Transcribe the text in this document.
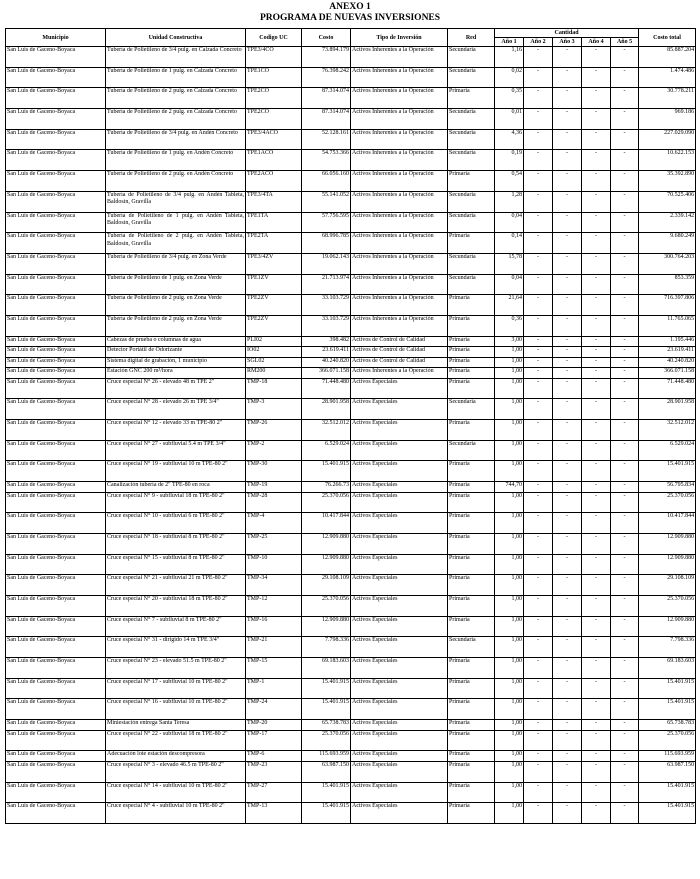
ANEXO 1
PROGRAMA DE NUEVAS INVERSIONES
Municipio	Unidad Constructiva	Codigo UC	Costo	Tipo de Inversión	Red	Cantidad					Costo total
						Año 1	Año 2	Año 3	Año 4	Año 5	
San Luis de Gaceno-Boyaca	Tubería de Polietileno de 3/4 pulg. en Calzada Concreto	TPE3/4CO	73.894.179	Activos Inherentes a la Operación	Secundaria	1,16	-	-	-	-	85.887.204
San Luis de Gaceno-Boyaca	Tubería de Polietileno de 1 pulg. en Calzada Concreto	TPE1CO	76.398.242	Activos Inherentes a la Operación	Secundaria	0,02	-	-	-	-	1.474.486
San Luis de Gaceno-Boyaca	Tubería de Polietileno de 2 pulg. en Calzada Concreto	TPE2CO	87.314.074	Activos Inherentes a la Operación	Primaria	0,35	-	-	-	-	30.778.211
San Luis de Gaceno-Boyaca	Tubería de Polietileno de 2 pulg. en Calzada Concreto	TPE2CO	87.314.074	Activos Inherentes a la Operación	Secundaria	0,01	-	-	-	-	969.186
San Luis de Gaceno-Boyaca	Tubería de Polietileno de 3/4 pulg. en Andén Concreto	TPE3/4ACO	52.128.161	Activos Inherentes a la Operación	Secundaria	4,36	-	-	-	-	227.029.090
San Luis de Gaceno-Boyaca	Tubería de Polietileno de 1 pulg. en Andén Concreto	TPE1ACO	54.753.366	Activos Inherentes a la Operación	Secundaria	0,19	-	-	-	-	10.622.153
San Luis de Gaceno-Boyaca	Tubería de Polietileno de 2 pulg. en Andén Concreto	TPE2ACO	66.056.160	Activos Inherentes a la Operación	Primaria	0,54	-	-	-	-	35.392.890
San Luis de Gaceno-Boyaca	Tubería de Polietileno de 3/4 pulg. en Andén Tableta, Baldosin, Gravilla	TPE3/4TA	55.141.052	Activos Inherentes a la Operación	Secundaria	1,28	-	-	-	-	70.525.406
San Luis de Gaceno-Boyaca	Tubería de Polietileno de 1 pulg. en Andén Tableta, Baldosin, Gravilla	TPE1TA	57.756.595	Activos Inherentes a la Operación	Secundaria	0,04	-	-	-	-	2.339.142
San Luis de Gaceno-Boyaca	Tubería de Polietileno de 2 pulg. en Andén Tableta, Baldosin, Gravilla	TPE2TA	68.996.785	Activos Inherentes a la Operación	Primaria	0,14	-	-	-	-	9.680.249
San Luis de Gaceno-Boyaca	Tubería de Polietileno de 3/4 pulg. en Zona Verde	TPE3/4ZV	19.062.143	Activos Inherentes a la Operación	Secundaria	15,78	-	-	-	-	300.764.203
San Luis de Gaceno-Boyaca	Tubería de Polietileno de 1 pulg. en Zona Verde	TPE1ZV	21.713.974	Activos Inherentes a la Operación	Secundaria	0,04	-	-	-	-	853.359
San Luis de Gaceno-Boyaca	Tubería de Polietileno de 2 pulg. en Zona Verde	TPE2ZV	33.103.729	Activos Inherentes a la Operación	Primaria	21,64	-	-	-	-	716.397.806
San Luis de Gaceno-Boyaca	Tubería de Polietileno de 2 pulg. en Zona Verde	TPE2ZV	33.103.729	Activos Inherentes a la Operación	Primaria	0,36	-	-	-	-	11.765.065
San Luis de Gaceno-Boyaca	Cabezas de prueba o columnas de agua	PLI02	398.482	Activos de Control de Calidad	Primaria	3,00	-	-	-	-	1.195.446
San Luis de Gaceno-Boyaca	Detector Portátil de Odorizante	IO02	23.619.411	Activos de Control de Calidad	Primaria	1,00	-	-	-	-	23.619.411
San Luis de Gaceno-Boyaca	Sistema digital de grabación, 1 municipio	SGL02	40.240.820	Activos de Control de Calidad	Primaria	1,00	-	-	-	-	40.240.820
San Luis de Gaceno-Boyaca	Estación GNC 200 m³/hora	RM200	366.071.158	Activos Inherentes a la Operación	Primaria	1,00	-	-	-	-	366.071.158
San Luis de Gaceno-Boyaca	Cruce especial N° 26 - elevado 48 m TPE 2"	TMP-18	71.448.480	Activos Especiales	Primaria	1,00	-	-	-	-	71.448.480
San Luis de Gaceno-Boyaca	Cruce especial N° 28 - elevado 26 m TPE 3/4"	TMP-3	28.901.958	Activos Especiales	Secundaria	1,00	-	-	-	-	28.901.958
San Luis de Gaceno-Boyaca	Cruce especial N° 12 - elevado 33 m TPE-80 2"	TMP-26	32.512.012	Activos Especiales	Primaria	1,00	-	-	-	-	32.512.012
San Luis de Gaceno-Boyaca	Cruce especial N° 27 - subfluvial 5.4 m TPE 3/4"	TMP-2	6.529.024	Activos Especiales	Secundaria	1,00	-	-	-	-	6.529.024
San Luis de Gaceno-Boyaca	Cruce especial N° 19 - subfluvial 10 m TPE-80 2"	TMP-30	15.401.915	Activos Especiales	Primaria	1,00	-	-	-	-	15.401.915
San Luis de Gaceno-Boyaca	Canalización tubería de 2" TPE-80 en roca	TMP-19	76.266.73	Activos Especiales	Primaria	744,70	-	-	-	-	56.795.834
San Luis de Gaceno-Boyaca	Cruce especial N° 9 - subfluvial 18 m TPE-80 2"	TMP-28	25.370.056	Activos Especiales	Primaria	1,00	-	-	-	-	25.370.056
San Luis de Gaceno-Boyaca	Cruce especial N° 10 - subfluvial 6 m TPE-80 2"	TMP-4	10.417.844	Activos Especiales	Primaria	1,00	-	-	-	-	10.417.844
San Luis de Gaceno-Boyaca	Cruce especial N° 18 - subfluvial 8 m TPE-80 2"	TMP-25	12.909.880	Activos Especiales	Primaria	1,00	-	-	-	-	12.909.880
San Luis de Gaceno-Boyaca	Cruce especial N° 15 - subfluvial 8 m TPE-80 2"	TMP-10	12.909.880	Activos Especiales	Primaria	1,00	-	-	-	-	12.909.880
San Luis de Gaceno-Boyaca	Cruce especial N° 21 - subfluvial 21 m TPE-80 2"	TMP-34	29.108.109	Activos Especiales	Primaria	1,00	-	-	-	-	29.108.109
San Luis de Gaceno-Boyaca	Cruce especial N° 20 - subfluvial 18 m TPE-80 2"	TMP-12	25.370.056	Activos Especiales	Primaria	1,00	-	-	-	-	25.370.056
San Luis de Gaceno-Boyaca	Cruce especial N° 7 - subfluvial 8 m TPE-80 2"	TMP-16	12.909.880	Activos Especiales	Primaria	1,00	-	-	-	-	12.909.880
San Luis de Gaceno-Boyaca	Cruce especial N° 31 - dirigido 14 m TPE 3/4"	TMP-21	7.798.336	Activos Especiales	Secundaria	1,00	-	-	-	-	7.798.336
San Luis de Gaceno-Boyaca	Cruce especial N° 23 - elevado 51.5 m TPE-80 2"	TMP-15	69.183.603	Activos Especiales	Primaria	1,00	-	-	-	-	69.183.603
San Luis de Gaceno-Boyaca	Cruce especial N° 17 - subfluvial 10 m TPE-80 2"	TMP-1	15.401.915	Activos Especiales	Primaria	1,00	-	-	-	-	15.401.915
San Luis de Gaceno-Boyaca	Cruce especial N° 16 - subfluvial 10 m TPE-80 2"	TMP-24	15.401.915	Activos Especiales	Primaria	1,00	-	-	-	-	15.401.915
San Luis de Gaceno-Boyaca	Miniestación entrega Santa Teresa	TMP-20	65.738.783	Activos Especiales	Primaria	1,00	-	-	-	-	65.738.783
San Luis de Gaceno-Boyaca	Cruce especial N° 22 - subfluvial 18 m TPE-80 2"	TMP-17	25.370.056	Activos Especiales	Primaria	1,00	-	-	-	-	25.370.056
San Luis de Gaceno-Boyaca	Adecuación lote estación descompresora	TMP-6	115.693.959	Activos Especiales	Primaria	1,00	-	-	-	-	115.693.959
San Luis de Gaceno-Boyaca	Cruce especial N° 3 - elevado 46.5 m TPE-80 2"	TMP-23	63.987.150	Activos Especiales	Primaria	1,00	-	-	-	-	63.987.150
San Luis de Gaceno-Boyaca	Cruce especial N° 14 - subfluvial 10 m TPE-80 2"	TMP-27	15.401.915	Activos Especiales	Primaria	1,00	-	-	-	-	15.401.915
San Luis de Gaceno-Boyaca	Cruce especial N° 4 - subfluvial 10 m TPE-80 2"	TMP-13	15.401.915	Activos Especiales	Primaria	1,00	-	-	-	-	15.401.915
